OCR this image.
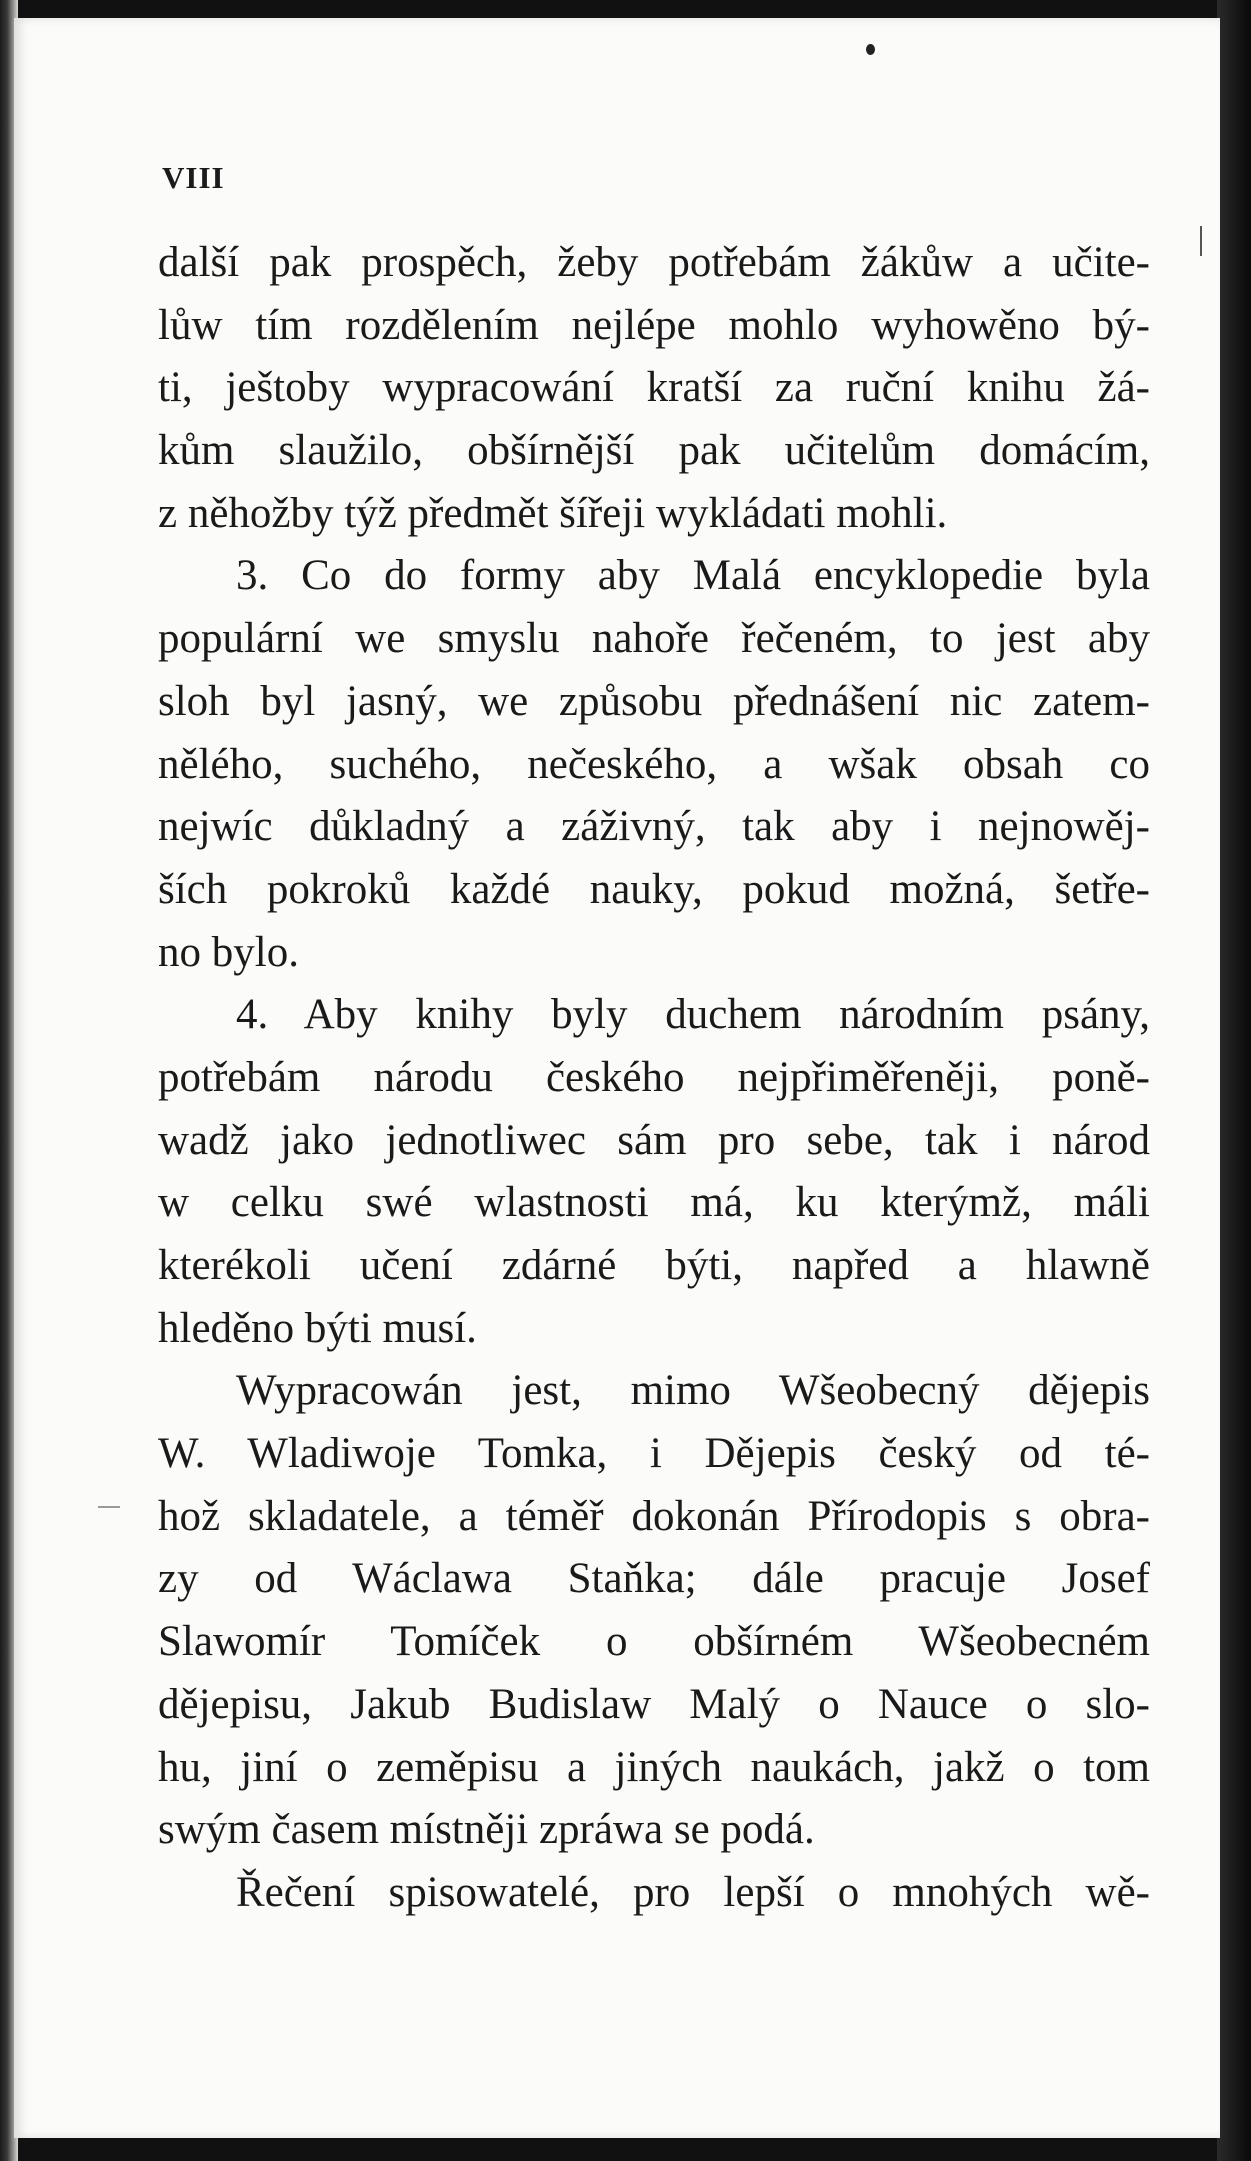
VIII
další pak prospěch, žeby potřebám žákůw a učite-
lůw tím rozdělením nejlépe mohlo wyhowěno bý-
ti, ještoby wypracowání kratší za ruční knihu žá-
kům slaužilo, obšírnější pak učitelům domácím,
z něhožby týž předmět šířeji wykládati mohli.
3. Co do formy aby Malá encyklopedie byla
populární we smyslu nahoře řečeném, to jest aby
sloh byl jasný, we způsobu přednášení nic zatem-
nělého, suchého, nečeského, a wšak obsah co
nejwíc důkladný a záživný, tak aby i nejnowěj-
ších pokroků každé nauky, pokud možná, šetře-
no bylo.
4. Aby knihy byly duchem národním psány,
potřebám národu českého nejpřiměřeněji, poně-
wadž jako jednotliwec sám pro sebe, tak i národ
w celku swé wlastnosti má, ku kterýmž, máli
kterékoli učení zdárné býti, napřed a hlawně
hleděno býti musí.
Wypracowán jest, mimo Wšeobecný dějepis
W. Wladiwoje Tomka, i Dějepis český od té-
hož skladatele, a téměř dokonán Přírodopis s obra-
zy od Wáclawa Staňka; dále pracuje Josef
Slawomír Tomíček o obšírném Wšeobecném
dějepisu, Jakub Budislaw Malý o Nauce o slo-
hu, jiní o zeměpisu a jiných naukách, jakž o tom
swým časem místněji zpráwa se podá.
Řečení spisowatelé, pro lepší o mnohých wě-
